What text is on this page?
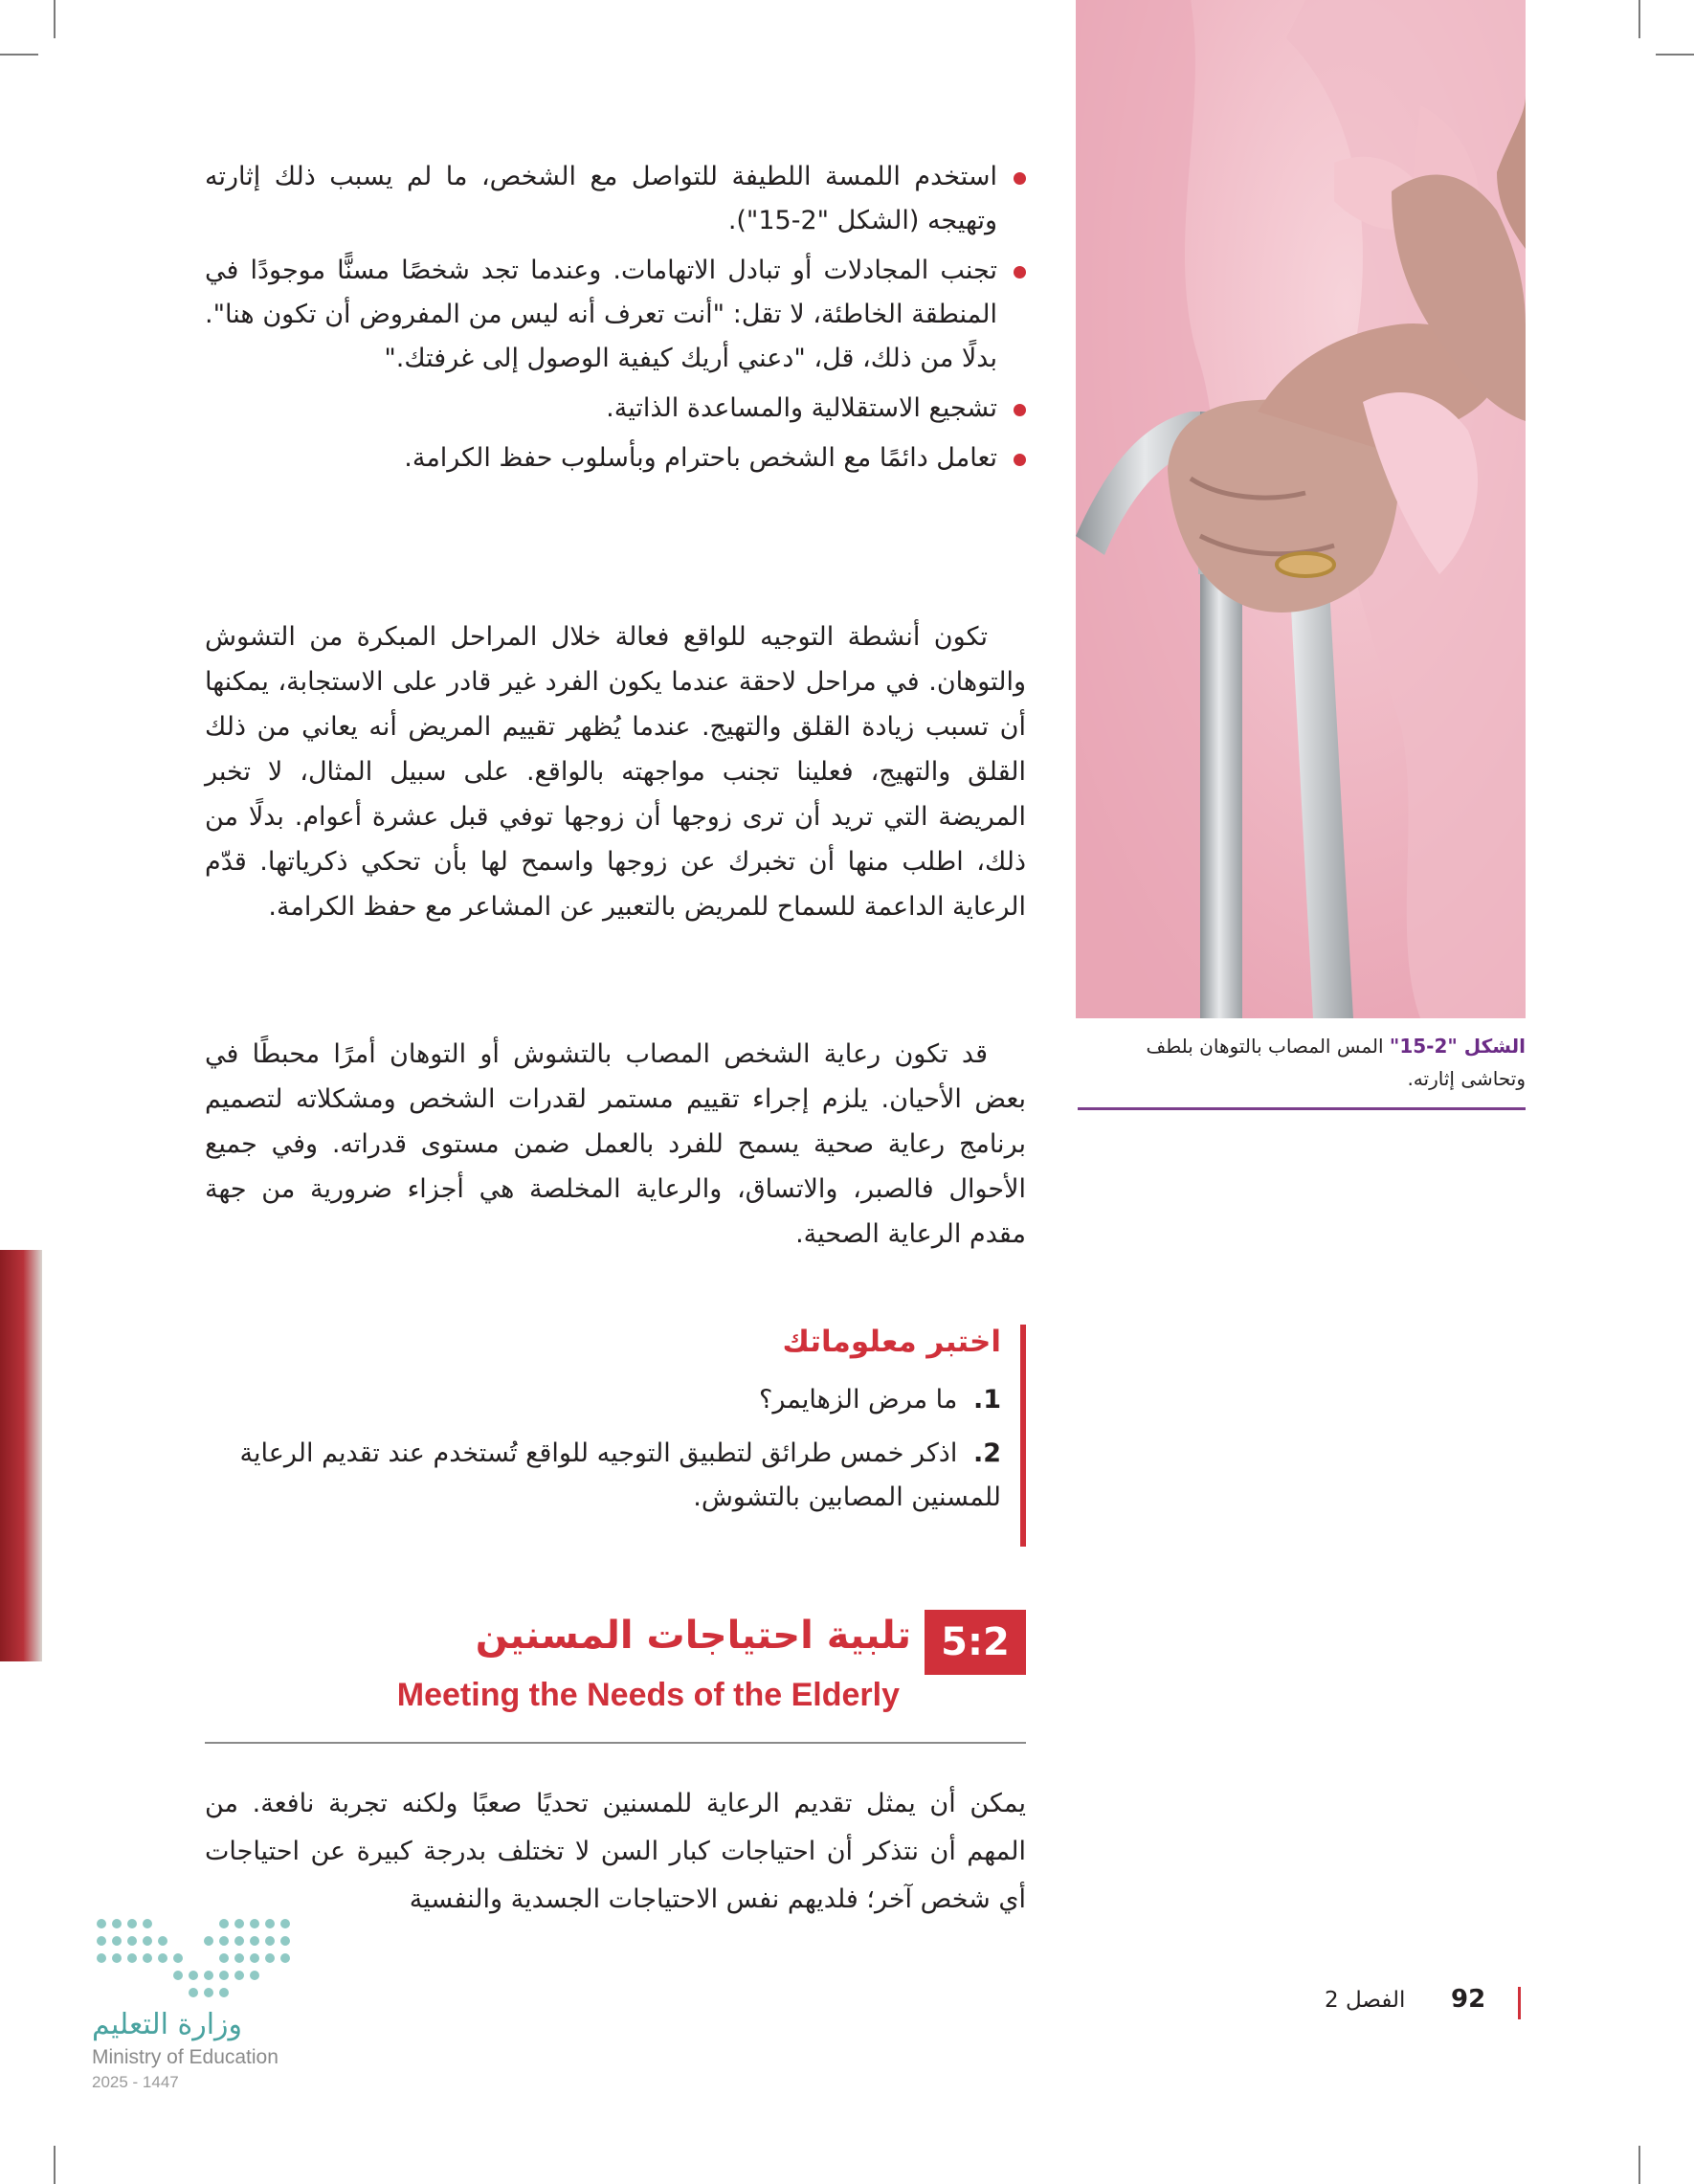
الشكل "2-15" المس المصاب بالتوهان بلطف وتحاشى إثارته.
استخدم اللمسة اللطيفة للتواصل مع الشخص، ما لم يسبب ذلك إثارته وتهيجه (الشكل "2-15").
تجنب المجادلات أو تبادل الاتهامات. وعندما تجد شخصًا مسنًّا موجودًا في المنطقة الخاطئة، لا تقل: "أنت تعرف أنه ليس من المفروض أن تكون هنا". بدلًا من ذلك، قل، "دعني أريك كيفية الوصول إلى غرفتك."
تشجيع الاستقلالية والمساعدة الذاتية.
تعامل دائمًا مع الشخص باحترام وبأسلوب حفظ الكرامة.

تكون أنشطة التوجيه للواقع فعالة خلال المراحل المبكرة من التشوش والتوهان. في مراحل لاحقة عندما يكون الفرد غير قادر على الاستجابة، يمكنها أن تسبب زيادة القلق والتهيج. عندما يُظهر تقييم المريض أنه يعاني من ذلك القلق والتهيج، فعلينا تجنب مواجهته بالواقع. على سبيل المثال، لا تخبر المريضة التي تريد أن ترى زوجها أن زوجها توفي قبل عشرة أعوام. بدلًا من ذلك، اطلب منها أن تخبرك عن زوجها واسمح لها بأن تحكي ذكرياتها. قدّم الرعاية الداعمة للسماح للمريض بالتعبير عن المشاعر مع حفظ الكرامة.

قد تكون رعاية الشخص المصاب بالتشوش أو التوهان أمرًا محبطًا في بعض الأحيان. يلزم إجراء تقييم مستمر لقدرات الشخص ومشكلاته لتصميم برنامج رعاية صحية يسمح للفرد بالعمل ضمن مستوى قدراته. وفي جميع الأحوال فالصبر، والاتساق، والرعاية المخلصة هي أجزاء ضرورية من جهة مقدم الرعاية الصحية.

اختبر معلوماتك
1. ما مرض الزهايمر؟
2. اذكر خمس طرائق لتطبيق التوجيه للواقع تُستخدم عند تقديم الرعاية للمسنين المصابين بالتشوش.
5:2
تلبية احتياجات المسنين
Meeting the Needs of the Elderly

يمكن أن يمثل تقديم الرعاية للمسنين تحديًا صعبًا ولكنه تجربة نافعة. من المهم أن نتذكر أن احتياجات كبار السن لا تختلف بدرجة كبيرة عن احتياجات أي شخص آخر؛ فلديهم نفس الاحتياجات الجسدية والنفسية

وزارة التعليم
Ministry of Education
2025 - 1447
92
الفصل 2
